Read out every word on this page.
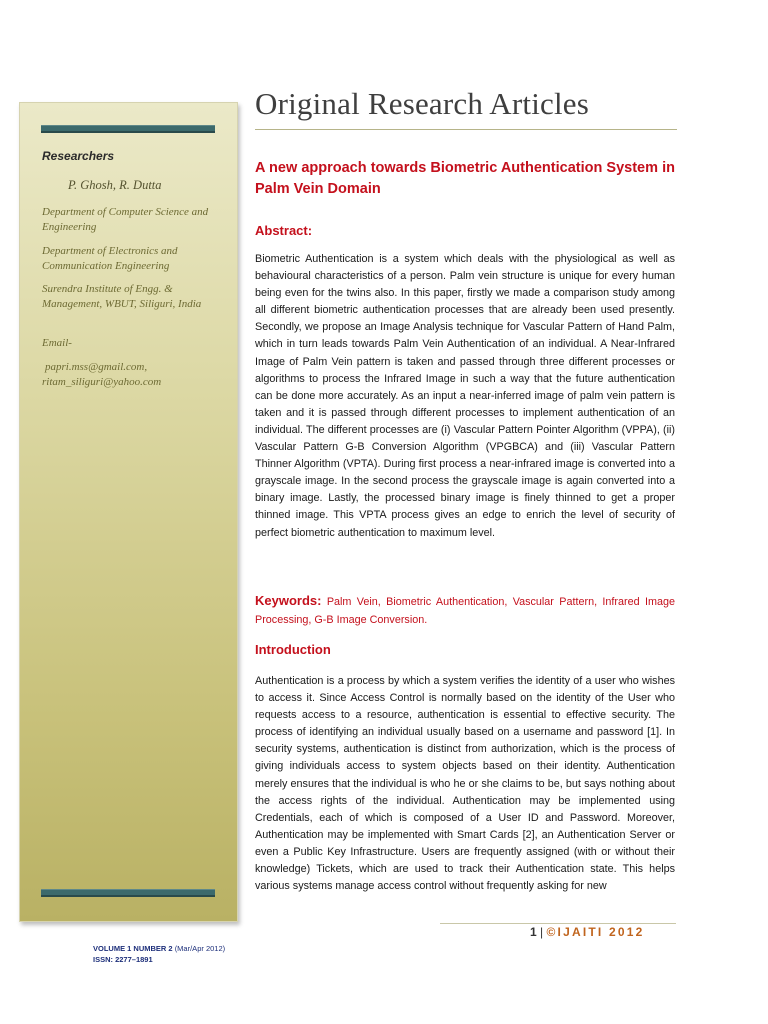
Researchers
P. Ghosh, R. Dutta
Department of Computer Science and Engineering
Department of Electronics and Communication Engineering
Surendra Institute of Engg. & Management, WBUT, Siliguri, India
Email-
papri.mss@gmail.com,
ritam_siliguri@yahoo.com
Original Research Articles
A new approach towards Biometric Authentication System in Palm Vein Domain
Abstract:

Biometric Authentication is a system which deals with the physiological as well as behavioural characteristics of a person. Palm vein structure is unique for every human being even for the twins also. In this paper, firstly we made a comparison study among all different biometric authentication processes that are already been used presently. Secondly, we propose an Image Analysis technique for Vascular Pattern of Hand Palm, which in turn leads towards Palm Vein Authentication of an individual. A Near-Infrared Image of Palm Vein pattern is taken and passed through three different processes or algorithms to process the Infrared Image in such a way that the future authentication can be done more accurately. As an input a near-inferred image of palm vein pattern is taken and it is passed through different processes to implement authentication of an individual. The different processes are (i) Vascular Pattern Pointer Algorithm (VPPA), (ii) Vascular Pattern G-B Conversion Algorithm (VPGBCA) and (iii) Vascular Pattern Thinner Algorithm (VPTA). During first process a near-infrared image is converted into a grayscale image. In the second process the grayscale image is again converted into a binary image. Lastly, the processed binary image is finely thinned to get a proper thinned image. This VPTA process gives an edge to enrich the level of security of perfect biometric authentication to maximum level.

Keywords: Palm Vein, Biometric Authentication, Vascular Pattern, Infrared Image Processing, G-B Image Conversion.

Introduction

Authentication is a process by which a system verifies the identity of a user who wishes to access it. Since Access Control is normally based on the identity of the User who requests access to a resource, authentication is essential to effective security. The process of identifying an individual usually based on a username and password [1]. In security systems, authentication is distinct from authorization, which is the process of giving individuals access to system objects based on their identity. Authentication merely ensures that the individual is who he or she claims to be, but says nothing about the access rights of the individual. Authentication may be implemented using Credentials, each of which is composed of a User ID and Password. Moreover, Authentication may be implemented with Smart Cards [2], an Authentication Server or even a Public Key Infrastructure. Users are frequently assigned (with or without their knowledge) Tickets, which are used to track their Authentication state. This helps various systems manage access control without frequently asking for new

1 | ©IJAITI 2012
VOLUME 1 NUMBER 2 (Mar/Apr 2012)
ISSN: 2277–1891
